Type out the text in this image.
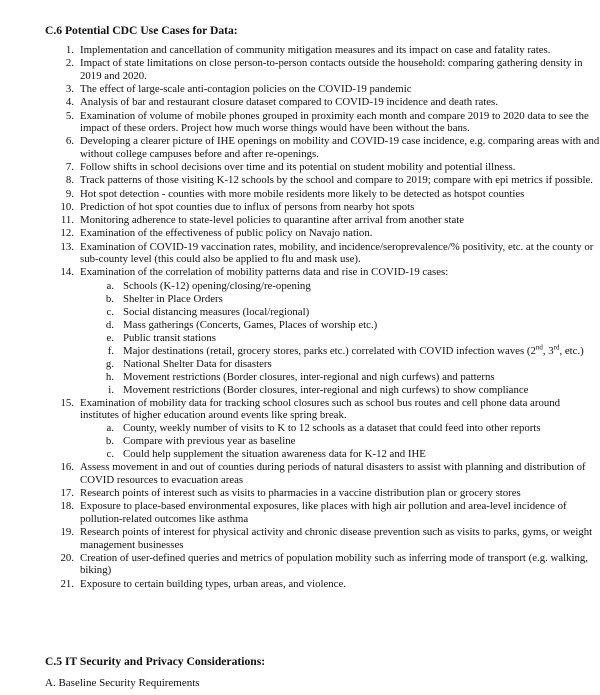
C.6 Potential CDC Use Cases for Data:
1. Implementation and cancellation of community mitigation measures and its impact on case and fatality rates.
2. Impact of state limitations on close person-to-person contacts outside the household: comparing gathering density in 2019 and 2020.
3. The effect of large-scale anti-contagion policies on the COVID-19 pandemic
4. Analysis of bar and restaurant closure dataset compared to COVID-19 incidence and death rates.
5. Examination of volume of mobile phones grouped in proximity each month and compare 2019 to 2020 data to see the impact of these orders. Project how much worse things would have been without the bans.
6. Developing a clearer picture of IHE openings on mobility and COVID-19 case incidence, e.g. comparing areas with and without college campuses before and after re-openings.
7. Follow shifts in school decisions over time and its potential on student mobility and potential illness.
8. Track patterns of those visiting K-12 schools by the school and compare to 2019; compare with epi metrics if possible.
9. Hot spot detection - counties with more mobile residents more likely to be detected as hotspot counties
10. Prediction of hot spot counties due to influx of persons from nearby hot spots
11. Monitoring adherence to state-level policies to quarantine after arrival from another state
12. Examination of the effectiveness of public policy on Navajo nation.
13. Examination of COVID-19 vaccination rates, mobility, and incidence/seroprevalence/% positivity, etc. at the county or sub-county level (this could also be applied to flu and mask use).
14. Examination of the correlation of mobility patterns data and rise in COVID-19 cases:
a. Schools (K-12) opening/closing/re-opening
b. Shelter in Place Orders
c. Social distancing measures (local/regional)
d. Mass gatherings (Concerts, Games, Places of worship etc.)
e. Public transit stations
f. Major destinations (retail, grocery stores, parks etc.) correlated with COVID infection waves (2nd, 3rd, etc.)
g. National Shelter Data for disasters
h. Movement restrictions (Border closures, inter-regional and nigh curfews) and patterns
i. Movement restrictions (Border closures, inter-regional and nigh curfews) to show compliance
15. Examination of mobility data for tracking school closures such as school bus routes and cell phone data around institutes of higher education around events like spring break.
a. County, weekly number of visits to K to 12 schools as a dataset that could feed into other reports
b. Compare with previous year as baseline
c. Could help supplement the situation awareness data for K-12 and IHE
16. Assess movement in and out of counties during periods of natural disasters to assist with planning and distribution of COVID resources to evacuation areas
17. Research points of interest such as visits to pharmacies in a vaccine distribution plan or grocery stores
18. Exposure to place-based environmental exposures, like places with high air pollution and area-level incidence of pollution-related outcomes like asthma
19. Research points of interest for physical activity and chronic disease prevention such as visits to parks, gyms, or weight management businesses
20. Creation of user-defined queries and metrics of population mobility such as inferring mode of transport (e.g. walking, biking)
21. Exposure to certain building types, urban areas, and violence.
C.5 IT Security and Privacy Considerations:
A. Baseline Security Requirements
